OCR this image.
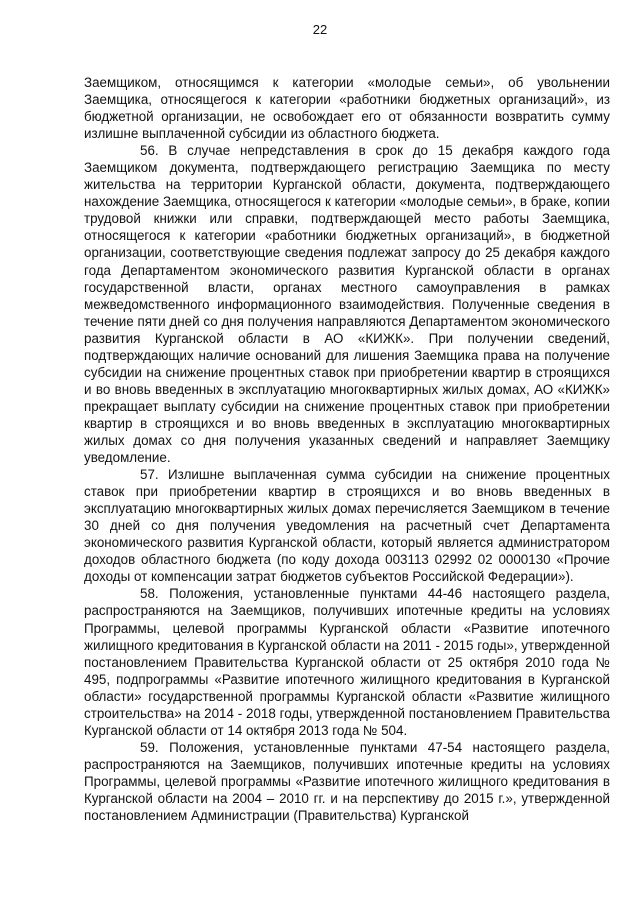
22

Заемщиком, относящимся к категории «молодые семьи», об увольнении Заемщика, относящегося к категории «работники бюджетных организаций», из бюджетной организации, не освобождает его от обязанности возвратить сумму излишне выплаченной субсидии из областного бюджета.

56. В случае непредставления в срок до 15 декабря каждого года Заемщиком документа, подтверждающего регистрацию Заемщика по месту жительства на территории Курганской области, документа, подтверждающего нахождение Заемщика, относящегося к категории «молодые семьи», в браке, копии трудовой книжки или справки, подтверждающей место работы Заемщика, относящегося к категории «работники бюджетных организаций», в бюджетной организации, соответствующие сведения подлежат запросу до 25 декабря каждого года Департаментом экономического развития Курганской области в органах государственной власти, органах местного самоуправления в рамках межведомственного информационного взаимодействия. Полученные сведения в течение пяти дней со дня получения направляются Департаментом экономического развития Курганской области в АО «КИЖК». При получении сведений, подтверждающих наличие оснований для лишения Заемщика права на получение субсидии на снижение процентных ставок при приобретении квартир в строящихся и во вновь введенных в эксплуатацию многоквартирных жилых домах, АО «КИЖК» прекращает выплату субсидии на снижение процентных ставок при приобретении квартир в строящихся и во вновь введенных в эксплуатацию многоквартирных жилых домах со дня получения указанных сведений и направляет Заемщику уведомление.

57. Излишне выплаченная сумма субсидии на снижение процентных ставок при приобретении квартир в строящихся и во вновь введенных в эксплуатацию многоквартирных жилых домах перечисляется Заемщиком в течение 30 дней со дня получения уведомления на расчетный счет Департамента экономического развития Курганской области, который является администратором доходов областного бюджета (по коду дохода 003113 02992 02 0000130 «Прочие доходы от компенсации затрат бюджетов субъектов Российской Федерации»).

58. Положения, установленные пунктами 44-46 настоящего раздела, распространяются на Заемщиков, получивших ипотечные кредиты на условиях Программы, целевой программы Курганской области «Развитие ипотечного жилищного кредитования в Курганской области на 2011 - 2015 годы», утвержденной постановлением Правительства Курганской области от 25 октября 2010 года № 495, подпрограммы «Развитие ипотечного жилищного кредитования в Курганской области» государственной программы Курганской области «Развитие жилищного строительства» на 2014 - 2018 годы, утвержденной постановлением Правительства Курганской области от 14 октября 2013 года № 504.

59. Положения, установленные пунктами 47-54 настоящего раздела, распространяются на Заемщиков, получивших ипотечные кредиты на условиях Программы, целевой программы «Развитие ипотечного жилищного кредитования в Курганской области на 2004 – 2010 гг. и на перспективу до 2015 г.», утвержденной постановлением Администрации (Правительства) Курганской
